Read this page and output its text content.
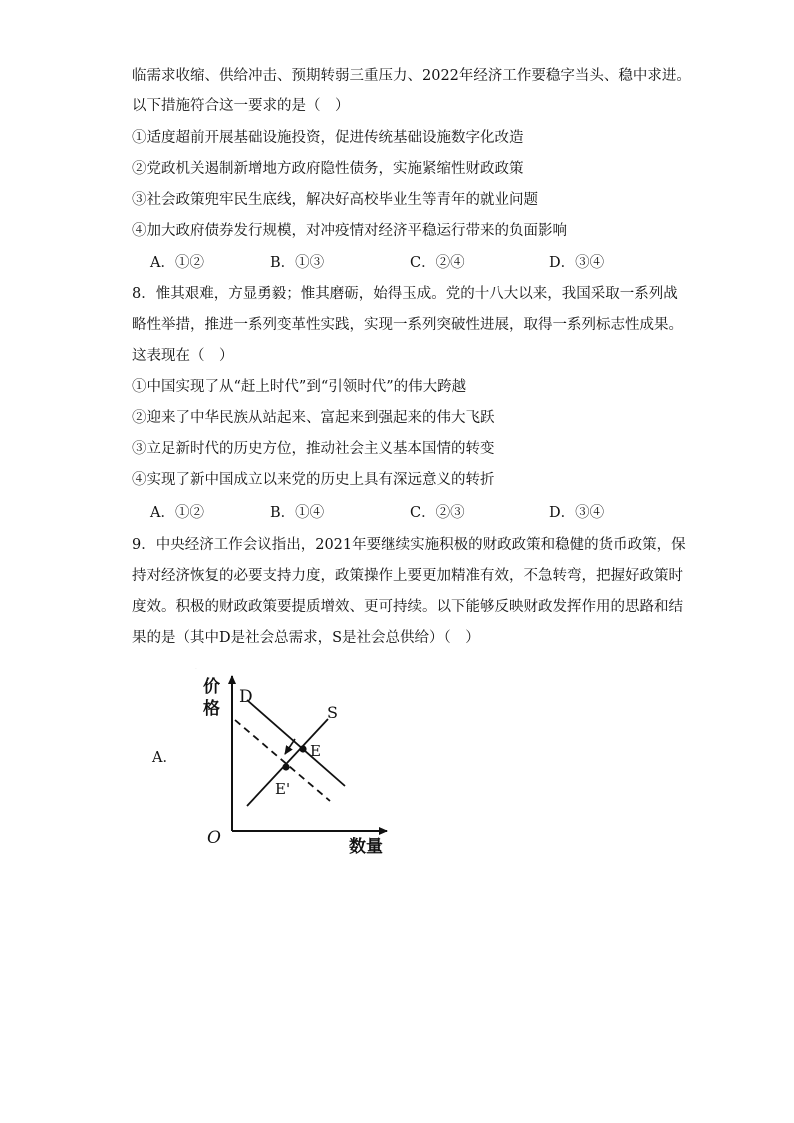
临需求收缩、供给冲击、预期转弱三重压力、2022年经济工作要稳字当头、稳中求进。
以下措施符合这一要求的是（　）
①适度超前开展基础设施投资，促进传统基础设施数字化改造
②党政机关遏制新增地方政府隐性债务，实施紧缩性财政政策
③社会政策兜牢民生底线，解决好高校毕业生等青年的就业问题
④加大政府债券发行规模，对冲疫情对经济平稳运行带来的负面影响
A．①②	B．①③	C．②④	D．③④
8．惟其艰难，方显勇毅；惟其磨砺，始得玉成。党的十八大以来，我国采取一系列战
略性举措，推进一系列变革性实践，实现一系列突破性进展，取得一系列标志性成果。
这表现在（　）
①中国实现了从“赶上时代”到“引领时代”的伟大跨越
②迎来了中华民族从站起来、富起来到强起来的伟大飞跃
③立足新时代的历史方位，推动社会主义基本国情的转变
④实现了新中国成立以来党的历史上具有深远意义的转折
A．①②	B．①④	C．②③	D．③④
9．中央经济工作会议指出，2021年要继续实施积极的财政政策和稳健的货币政策，保
持对经济恢复的必要支持力度，政策操作上要更加精准有效，不急转弯，把握好政策时
度效。积极的财政政策要提质增效、更可持续。以下能够反映财政发挥作用的思路和结
果的是（其中D是社会总需求，S是社会总供给）（　）
A．
价格
D
S
E
E'
O	数量
价格
